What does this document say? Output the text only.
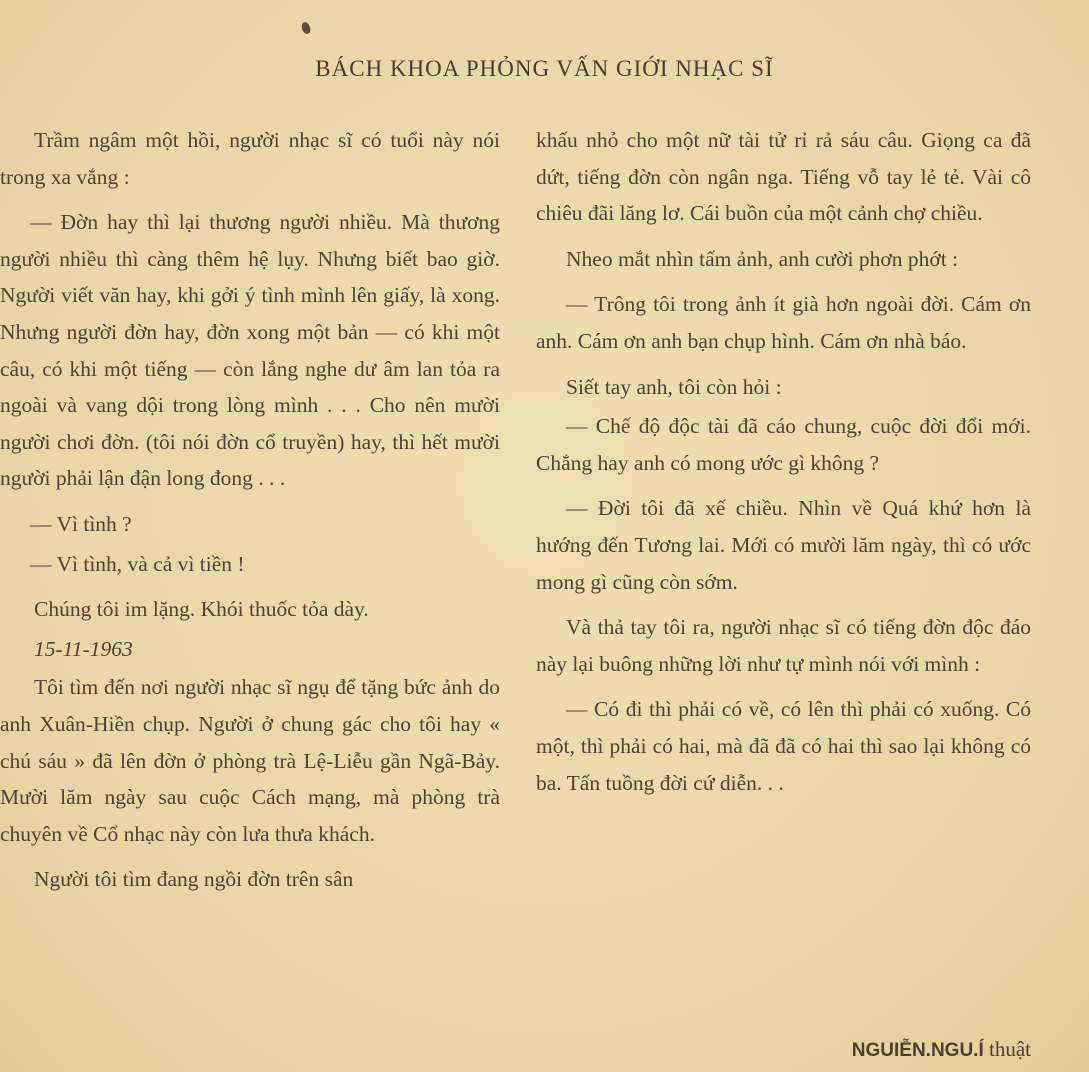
BÁCH KHOA PHỎNG VẤN GIỚI NHẠC SĨ

Trầm ngâm một hồi, người nhạc sĩ có tuổi này nói trong xa vắng :

— Đờn hay thì lại thương người nhiều. Mà thương người nhiều thì càng thêm hệ lụy. Nhưng biết bao giờ. Người viết văn hay, khi gởi ý tình mình lên giấy, là xong. Nhưng người đờn hay, đờn xong một bản — có khi một câu, có khi một tiếng — còn lắng nghe dư âm lan tỏa ra ngoài và vang dội trong lòng mình . . . Cho nên mười người chơi đờn. (tôi nói đờn cổ truyền) hay, thì hết mười người phải lận đận long đong . . .

— Vì tình ?

— Vì tình, và cả vì tiền !

Chúng tôi im lặng. Khói thuốc tỏa dày.

15-11-1963

Tôi tìm đến nơi người nhạc sĩ ngụ để tặng bức ảnh do anh Xuân-Hiền chụp. Người ở chung gác cho tôi hay « chú sáu » đã lên đờn ở phòng trà Lệ-Liễu gần Ngã-Bảy. Mười lăm ngày sau cuộc Cách mạng, mà phòng trà chuyên về Cổ nhạc này còn lưa thưa khách.

Người tôi tìm đang ngồi đờn trên sân

khấu nhỏ cho một nữ tài tử rỉ rả sáu câu. Giọng ca đã dứt, tiếng đờn còn ngân nga. Tiếng vỗ tay lẻ tẻ. Vài cô chiêu đãi lăng lơ. Cái buồn của một cảnh chợ chiều.

Nheo mắt nhìn tấm ảnh, anh cười phơn phớt :

— Trông tôi trong ảnh ít già hơn ngoài đời. Cám ơn anh. Cám ơn anh bạn chụp hình. Cám ơn nhà báo.

Siết tay anh, tôi còn hỏi :

— Chế độ độc tài đã cáo chung, cuộc đời đổi mới. Chẳng hay anh có mong ước gì không ?

— Đời tôi đã xế chiều. Nhìn về Quá khứ hơn là hướng đến Tương lai. Mới có mười lăm ngày, thì có ước mong gì cũng còn sớm.

Và thả tay tôi ra, người nhạc sĩ có tiếng đờn độc đáo này lại buông những lời như tự mình nói với mình :

— Có đi thì phải có về, có lên thì phải có xuống. Có một, thì phải có hai, mà đã đã có hai thì sao lại không có ba. Tấn tuồng đời cứ diễn. . .

NGUIỄN.NGU.Í thuật
